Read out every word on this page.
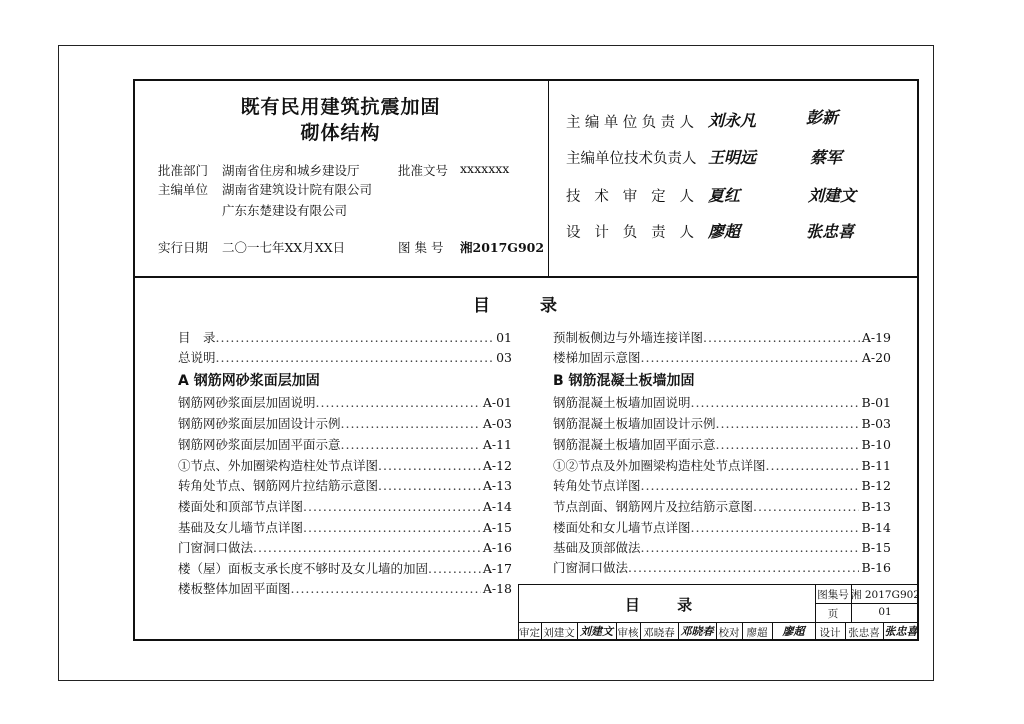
既有民用建筑抗震加固
砌体结构
批准部门 湖南省住房和城乡建设厅	批准文号 xxxxxxx
主编单位 湖南省建筑设计院有限公司
广东东楚建设有限公司
实行日期 二〇一七年XX月XX日	图 集 号 湘2017G902
主 编 单 位 负 责 人 刘永凡	彭新
主 编 单 位 技 术 负 责 人 王明远	蔡军
技 术 审 定 人 夏红	刘建文
设 计 负 责 人 廖超	张忠喜
目 录
目　录 .....	01
总说明 .....	03
A 钢筋网砂浆面层加固
钢筋网砂浆面层加固说明 .....	A-01
钢筋网砂浆面层加固设计示例 .....	A-03
钢筋网砂浆面层加固平面示意 .....	A-11
①节点、外加圈梁构造柱处节点详图 .....	A-12
转角处节点、钢筋网片拉结筋示意图 .....	A-13
楼面处和顶部节点详图 .....	A-14
基础及女儿墙节点详图 .....	A-15
门窗洞口做法 .....	A-16
楼（屋）面板支承长度不够时及女儿墙的加固 .....	A-17
楼板整体加固平面图 .....	A-18
预制板侧边与外墙连接详图 .....	A-19
楼梯加固示意图 .....	A-20
B 钢筋混凝土板墙加固
钢筋混凝土板墙加固说明 .....	B-01
钢筋混凝土板墙加固设计示例 .....	B-03
钢筋混凝土板墙加固平面示意 .....	B-10
①②节点及外加圈梁构造柱处节点详图 .....	B-11
转角处节点详图 .....	B-12
节点剖面、钢筋网片及拉结筋示意图 .....	B-13
楼面处和女儿墙节点详图 .....	B-14
基础及顶部做法 .....	B-15
门窗洞口做法 .....	B-16
目 录
图集号 湘 2017G902
页	01
审定 刘建文 刘建文 审核 邓晓春 邓晓春 校对 廖超	廖超	设计 张忠喜 张忠喜
